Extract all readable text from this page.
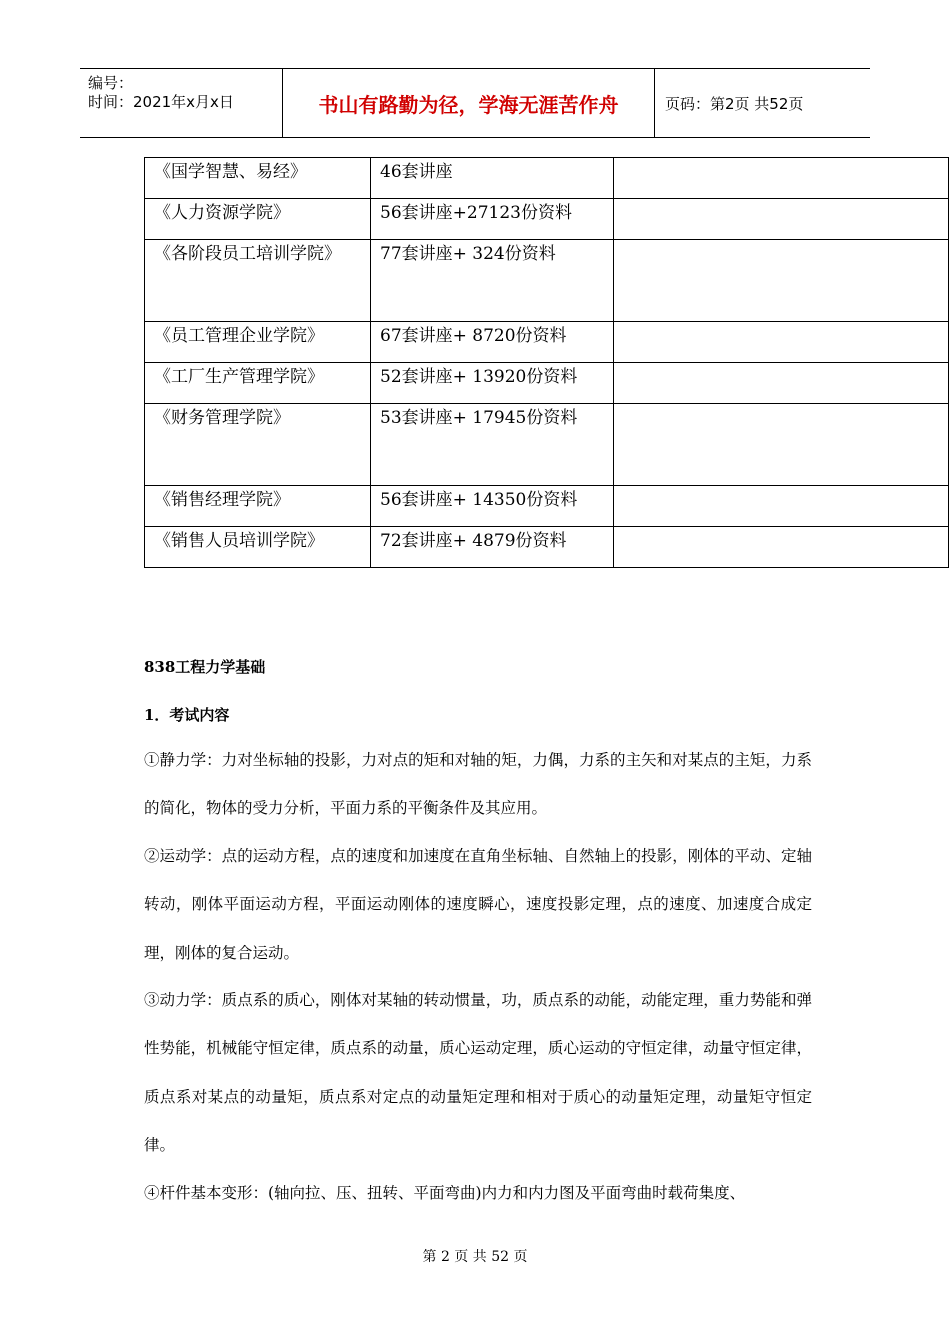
编号：
时间：2021年x月x日	书山有路勤为径，学海无涯苦作舟	页码：第2页 共52页
《国学智慧、易经》	46套讲座	

《人力资源学院》	56套讲座+27123份资料	

《各阶段员工培训学院》	77套讲座+ 324份资料	

《员工管理企业学院》	67套讲座+ 8720份资料	

《工厂生产管理学院》	52套讲座+ 13920份资料	

《财务管理学院》	53套讲座+ 17945份资料	

《销售经理学院》	56套讲座+ 14350份资料	

《销售人员培训学院》	72套讲座+ 4879份资料	

838工程力学基础
1．考试内容
①静力学：力对坐标轴的投影，力对点的矩和对轴的矩，力偶，力系的主矢和对某点的主矩，力系的简化，物体的受力分析，平面力系的平衡条件及其应用。
②运动学：点的运动方程，点的速度和加速度在直角坐标轴、自然轴上的投影，刚体的平动、定轴转动，刚体平面运动方程，平面运动刚体的速度瞬心，速度投影定理，点的速度、加速度合成定理，刚体的复合运动。
③动力学：质点系的质心，刚体对某轴的转动惯量，功，质点系的动能，动能定理，重力势能和弹性势能，机械能守恒定律，质点系的动量，质心运动定理，质心运动的守恒定律，动量守恒定律，质点系对某点的动量矩，质点系对定点的动量矩定理和相对于质心的动量矩定理，动量矩守恒定律。
④杆件基本变形：(轴向拉、压、扭转、平面弯曲)内力和内力图及平面弯曲时载荷集度、
第 2 页 共 52 页
